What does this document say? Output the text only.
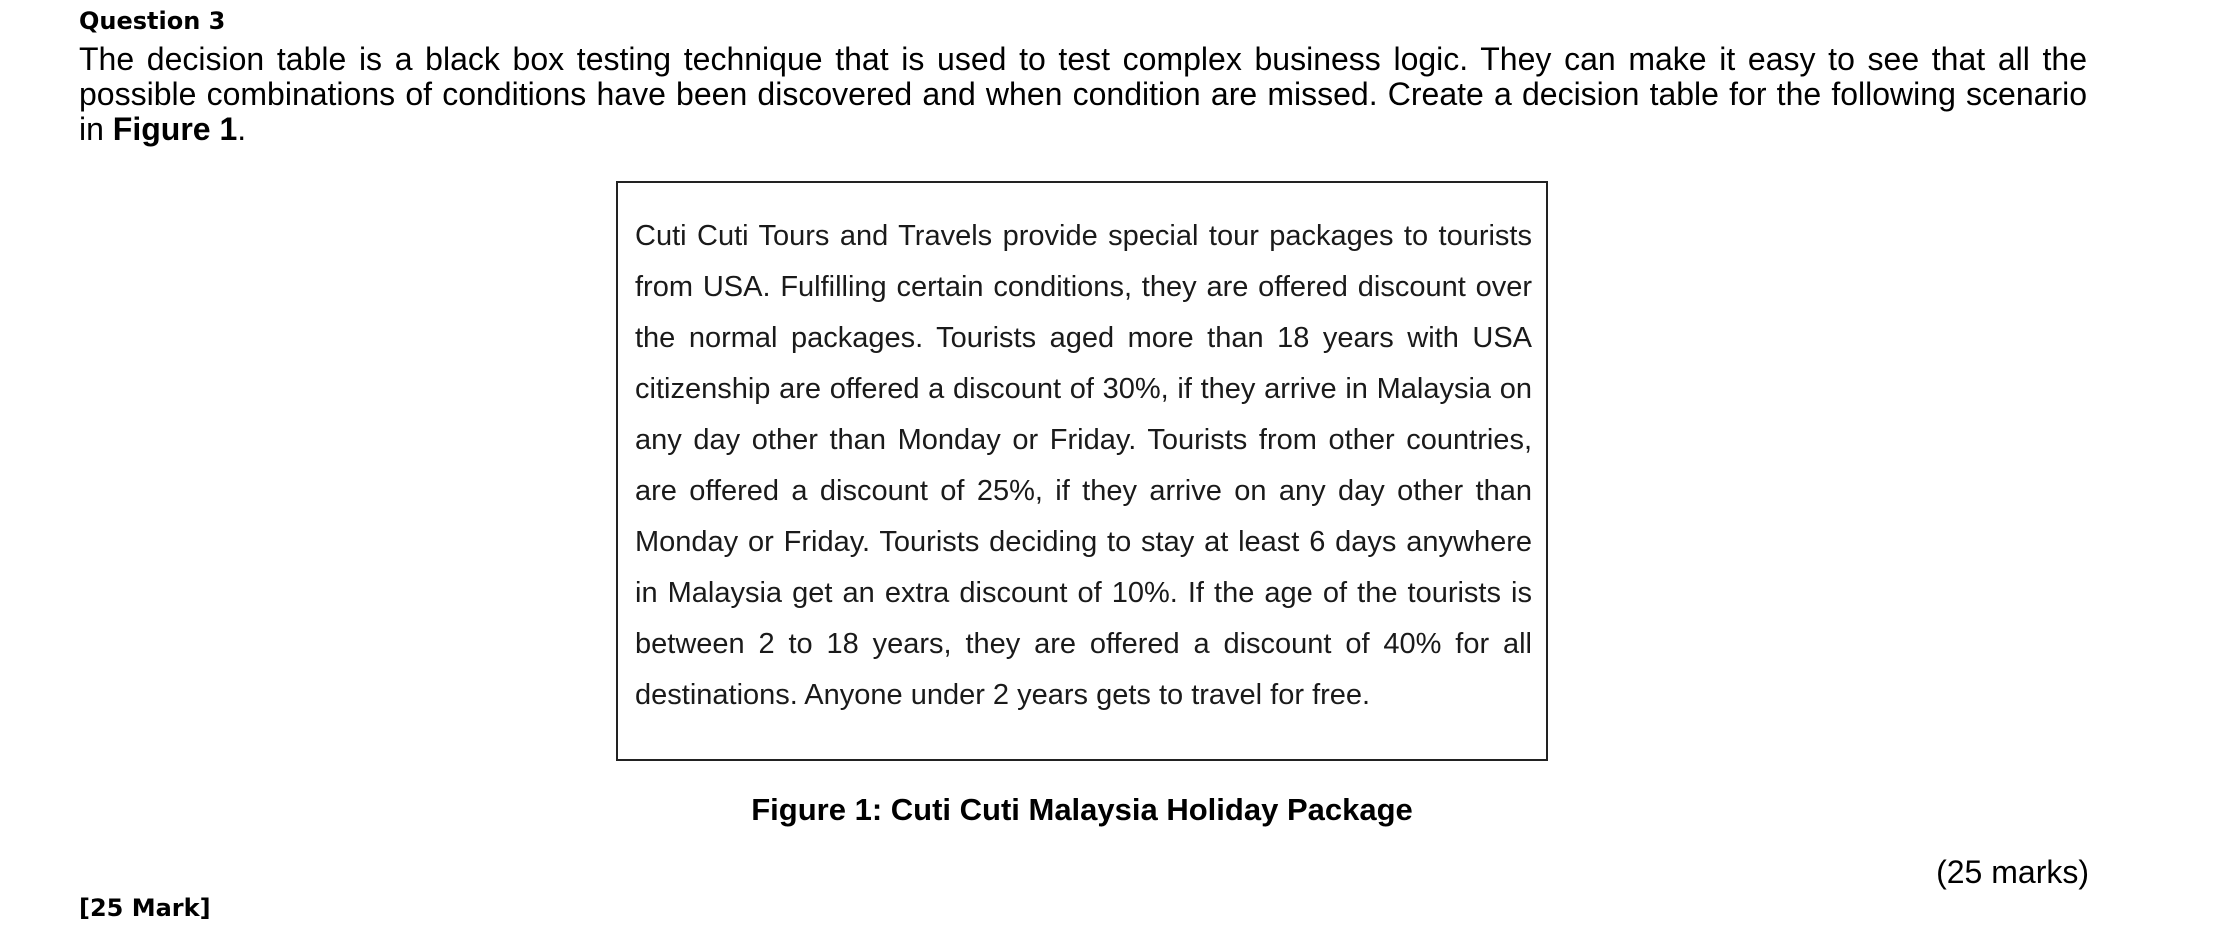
Question 3
The decision table is a black box testing technique that is used to test complex business logic. They can make it easy to see that all the possible combinations of conditions have been discovered and when condition are missed. Create a decision table for the following scenario in Figure 1.
Cuti Cuti Tours and Travels provide special tour packages to tourists
from USA. Fulfilling certain conditions, they are offered discount over
the normal packages. Tourists aged more than 18 years with USA
citizenship are offered a discount of 30%, if they arrive in Malaysia on
any day other than Monday or Friday. Tourists from other countries,
are offered a discount of 25%, if they arrive on any day other than
Monday or Friday. Tourists deciding to stay at least 6 days anywhere
in Malaysia get an extra discount of 10%. If the age of the tourists is
between 2 to 18 years, they are offered a discount of 40% for all
destinations. Anyone under 2 years gets to travel for free.
Figure 1: Cuti Cuti Malaysia Holiday Package
(25 marks)
[25 Mark]
